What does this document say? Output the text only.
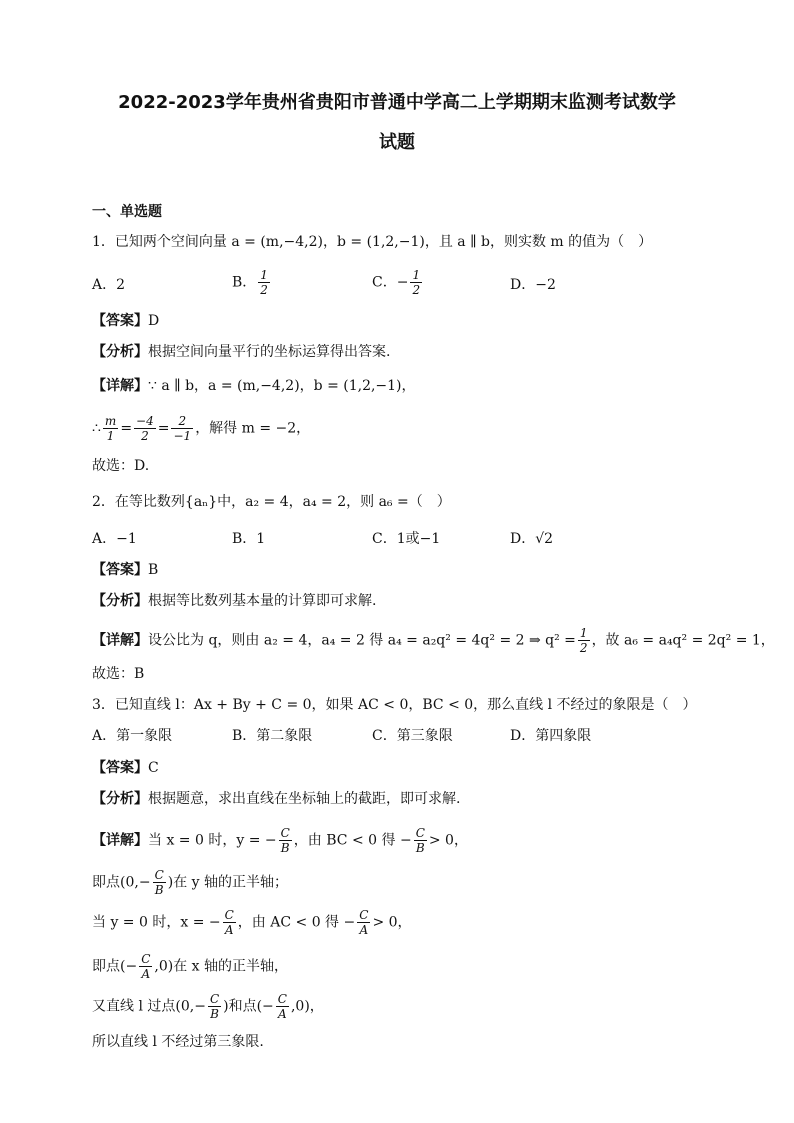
2022-2023学年贵州省贵阳市普通中学高二上学期期末监测考试数学
试题
一、单选题
1．已知两个空间向量 a = (m,−4,2)，b = (1,2,−1)，且 a ∥ b，则实数 m 的值为（　）
A．2	B． $\frac{1}{2}$	C．− $\frac{1}{2}$	D．−2
【答案】D
【分析】根据空间向量平行的坐标运算得出答案.
【详解】∵ a ∥ b，a = (m,−4,2)，b = (1,2,−1)，
∴ $\frac{m}{1} = \frac{-4}{2} = \frac{2}{-1}$ ，解得 m = −2，
故选：D.
2．在等比数列{aₙ}中，a₂ = 4，a₄ = 2，则 a₆ =（　）
A．−1	B．1	C．1或−1	D．√2
【答案】B
【分析】根据等比数列基本量的计算即可求解.
【详解】设公比为 q，则由 a₂ = 4，a₄ = 2 得 a₄ = a₂q² = 4q² = 2 ⇒ $q^2 = \frac{1}{2}$ ，故 a₆ = a₄q² = 2q² = 1，
故选：B
3．已知直线 l：Ax + By + C = 0，如果 AC < 0，BC < 0，那么直线 l 不经过的象限是（　）
A．第一象限	B．第二象限	C．第三象限	D．第四象限
【答案】C
【分析】根据题意，求出直线在坐标轴上的截距，即可求解.
【详解】当 x = 0 时，y = − $\frac{C}{B}$ ，由 BC < 0 得 − $\frac{C}{B} > 0$，
即点($0,- \frac{C}{B}$ )在 y 轴的正半轴；
当 y = 0 时，x = − $\frac{C}{A}$ ，由 AC < 0 得 − $\frac{C}{A} > 0$，
即点(− $\frac{C}{A} ,0$)在 x 轴的正半轴，
又直线 l 过点($0,- \frac{C}{B}$ )和点(− $\frac{C}{A} ,0$)，
所以直线 l 不经过第三象限.
